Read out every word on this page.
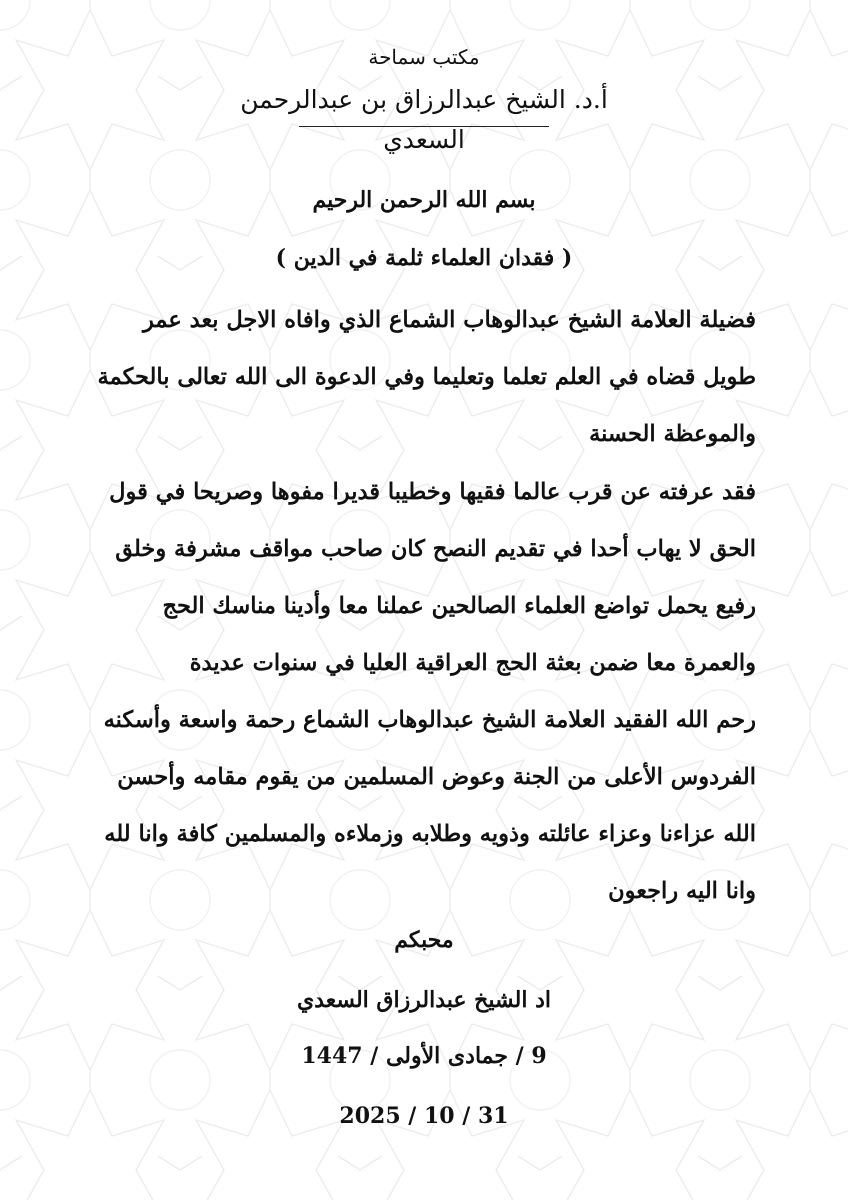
مكتب سماحة
أ.د. الشيخ عبدالرزاق بن عبدالرحمن السعدي

بسم الله الرحمن الرحيم

( فقدان العلماء ثلمة في الدين )

فضيلة العلامة الشيخ عبدالوهاب الشماع الذي وافاه الاجل بعد عمر طويل قضاه في العلم تعلما وتعليما وفي الدعوة الى الله تعالى بالحكمة والموعظة الحسنة

فقد عرفته عن قرب عالما فقيها وخطيبا قديرا مفوها وصريحا في قول الحق لا يهاب أحدا في تقديم النصح كان صاحب مواقف مشرفة وخلق رفيع يحمل تواضع العلماء الصالحين عملنا معا وأدينا مناسك الحج والعمرة معا ضمن بعثة الحج العراقية العليا في سنوات عديدة

رحم الله الفقيد العلامة الشيخ عبدالوهاب الشماع رحمة واسعة وأسكنه الفردوس الأعلى من الجنة وعوض المسلمين من يقوم مقامه وأحسن الله عزاءنا وعزاء عائلته وذويه وطلابه وزملاءه والمسلمين كافة وانا لله وانا اليه راجعون

محبكم

اد الشيخ عبدالرزاق السعدي

9 / جمادى الأولى / 1447

2025 / 10 / 31
